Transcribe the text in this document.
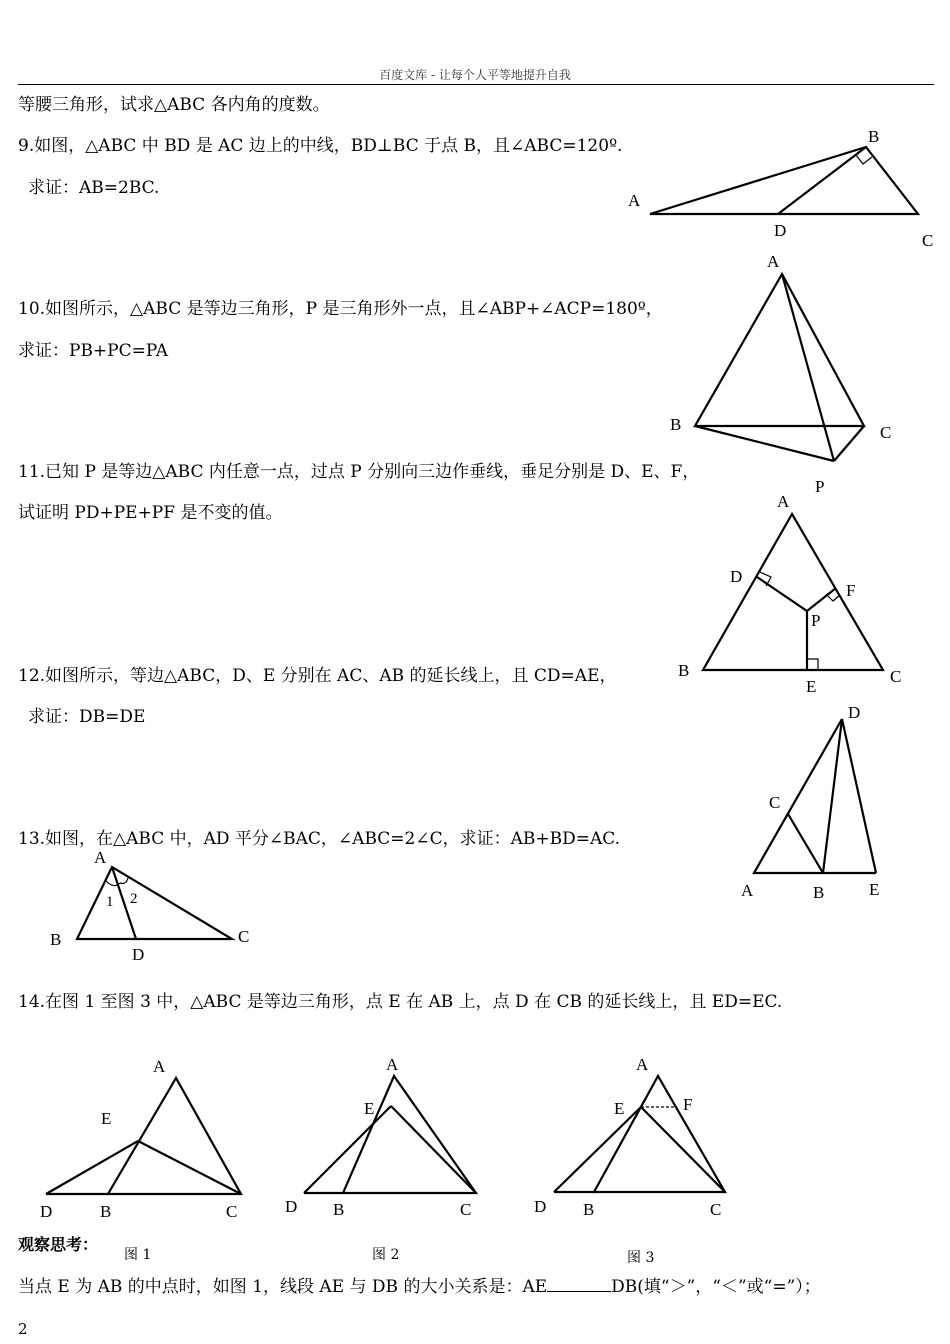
百度文库 - 让每个人平等地提升自我
等腰三角形，试求△ABC 各内角的度数。
9.如图，△ABC 中 BD 是 AC 边上的中线，BD⊥BC 于点 B，且∠ABC=120º.
求证：AB=2BC.
10.如图所示，△ABC 是等边三角形，P 是三角形外一点，且∠ABP+∠ACP=180º，
求证：PB+PC=PA
11.已知 P 是等边△ABC 内任意一点，过点 P 分别向三边作垂线，垂足分别是 D、E、F，
试证明 PD+PE+PF 是不变的值。
12.如图所示，等边△ABC，D、E 分别在 AC、AB 的延长线上，且 CD=AE，
求证：DB=DE
13.如图，在△ABC 中，AD 平分∠BAC，∠ABC=2∠C，求证：AB+BD=AC.
14.在图 1 至图 3 中，△ABC 是等边三角形，点 E 在 AB 上，点 D 在 CB 的延长线上，且 ED=EC.
观察思考：
图 1	图 2	图 3
当点 E 为 AB 的中点时，如图 1，线段 AE 与 DB 的大小关系是：AE	DB(填“＞”，“＜”或“=”）；
2
B
A
D
C
A
B	C
P
A
D
F
P
B
E
C
D
C
A	B	E
A
1 2
B
D
C
A
E
D	B	C
A
E
D B	C
A
E	F
D B	C
